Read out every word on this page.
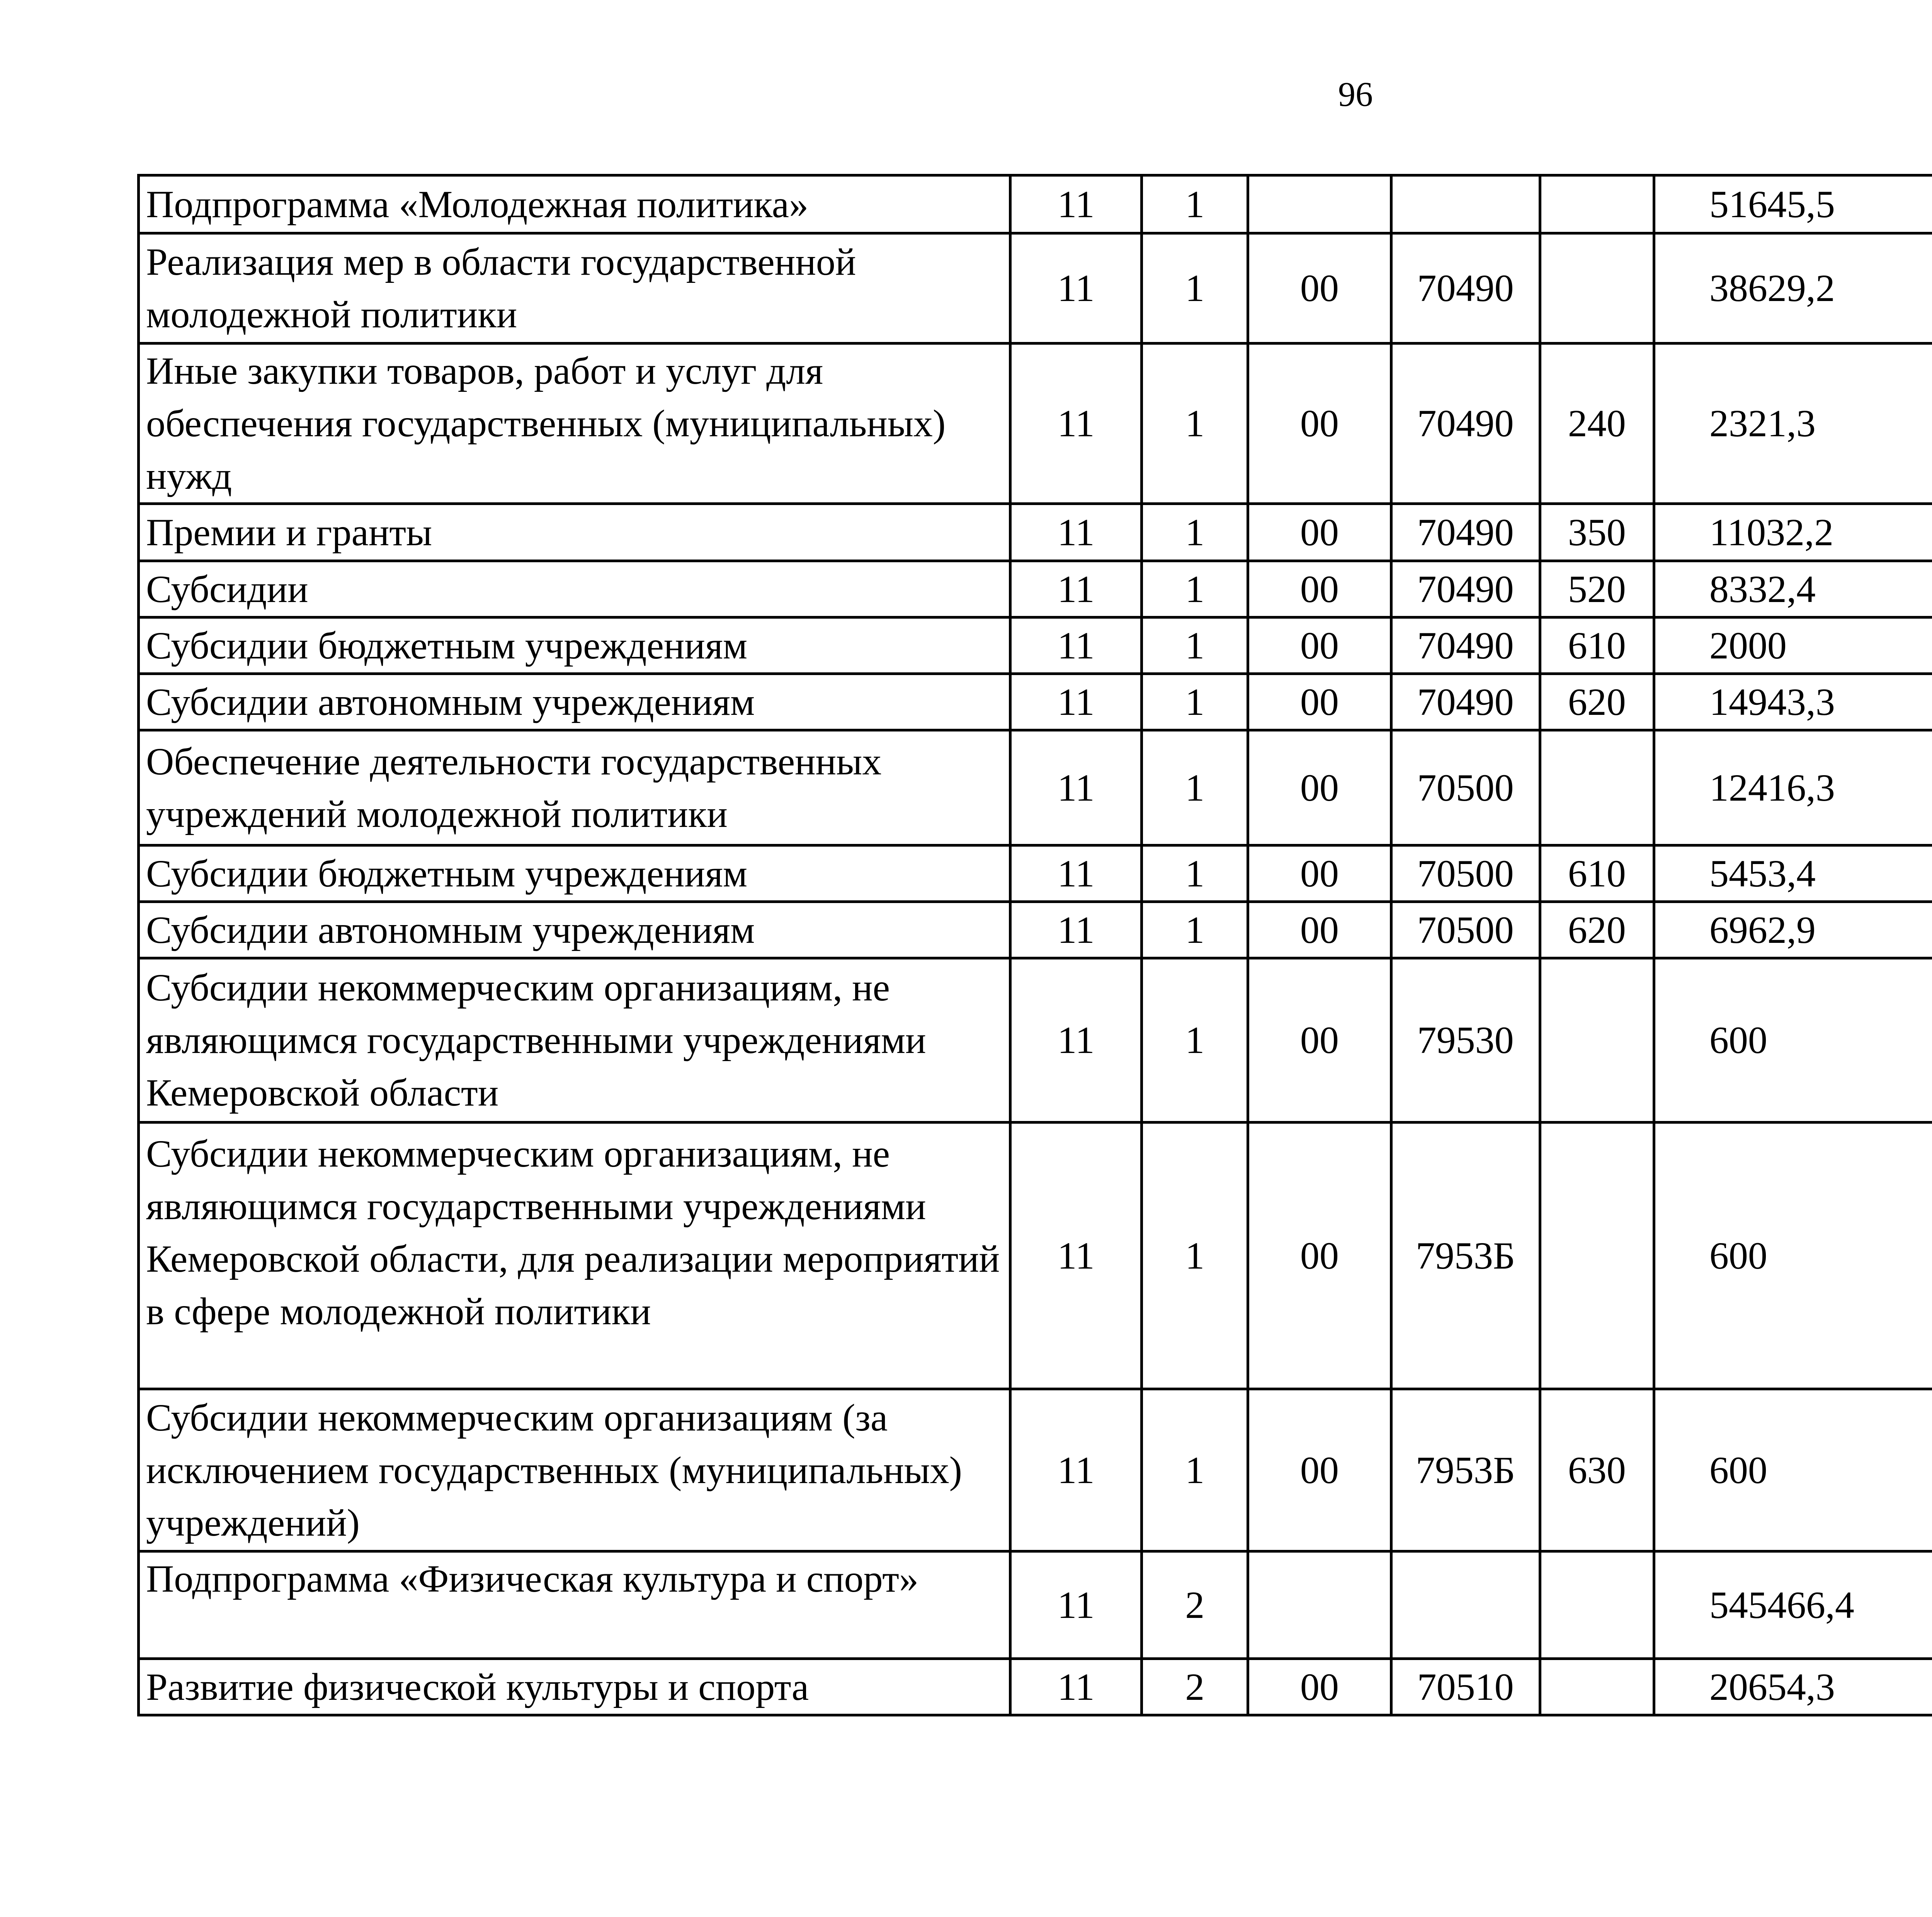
96
Подпрограмма «Молодежная политика»	11	1				51645,5		
Реализация мер в области государственной молодежной политики	11	1	00	70490		38629,2		
Иные закупки товаров, работ и услуг для обеспечения государственных (муниципальных) нужд	11	1	00	70490	240	2321,3		
Премии и гранты	11	1	00	70490	350	11032,2		
Субсидии	11	1	00	70490	520	8332,4		
Субсидии бюджетным учреждениям	11	1	00	70490	610	2000		
Субсидии автономным учреждениям	11	1	00	70490	620	14943,3		
Обеспечение деятельности государственных учреждений молодежной политики	11	1	00	70500		12416,3		
Субсидии бюджетным учреждениям	11	1	00	70500	610	5453,4		
Субсидии автономным учреждениям	11	1	00	70500	620	6962,9		
Субсидии некоммерческим организациям, не являющимся государственными учреждениями Кемеровской области	11	1	00	79530		600		
Субсидии некоммерческим организациям, не являющимся государственными учреждениями Кемеровской области, для реализации мероприятий в сфере молодежной политики	11	1	00	7953Б		600		
Субсидии некоммерческим организациям (за исключением государственных (муниципальных) учреждений)	11	1	00	7953Б	630	600		
Подпрограмма «Физическая культура и спорт»	11	2				545466,4		
Развитие физической культуры и спорта	11	2	00	70510		20654,3		
